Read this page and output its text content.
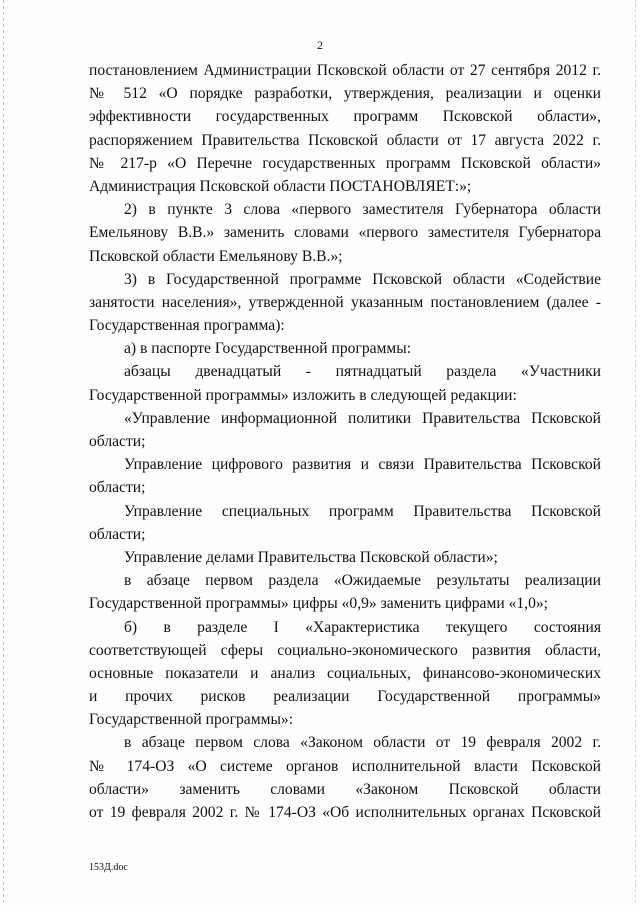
2
постановлением Администрации Псковской области от 27 сентября 2012 г.
№ 512 «О порядке разработки, утверждения, реализации и оценки
эффективности государственных программ Псковской области»,
распоряжением Правительства Псковской области от 17 августа 2022 г.
№ 217-р «О Перечне государственных программ Псковской области»
Администрация Псковской области ПОСТАНОВЛЯЕТ:»;
2) в пункте 3 слова «первого заместителя Губернатора области
Емельянову В.В.» заменить словами «первого заместителя Губернатора
Псковской области Емельянову В.В.»;
3) в Государственной программе Псковской области «Содействие
занятости населения», утвержденной указанным постановлением (далее -
Государственная программа):
а) в паспорте Государственной программы:
абзацы двенадцатый - пятнадцатый раздела «Участники
Государственной программы» изложить в следующей редакции:
«Управление информационной политики Правительства Псковской
области;
Управление цифрового развития и связи Правительства Псковской
области;
Управление специальных программ Правительства Псковской
области;
Управление делами Правительства Псковской области»;
в абзаце первом раздела «Ожидаемые результаты реализации
Государственной программы» цифры «0,9» заменить цифрами «1,0»;
б) в разделе I «Характеристика текущего состояния
соответствующей сферы социально-экономического развития области,
основные показатели и анализ социальных, финансово-экономических
и прочих рисков реализации Государственной программы»
Государственной программы»:
в абзаце первом слова «Законом области от 19 февраля 2002 г.
№ 174-ОЗ «О системе органов исполнительной власти Псковской
области» заменить словами «Законом Псковской области
от 19 февраля 2002 г. № 174-ОЗ «Об исполнительных органах Псковской
153Д.doc
